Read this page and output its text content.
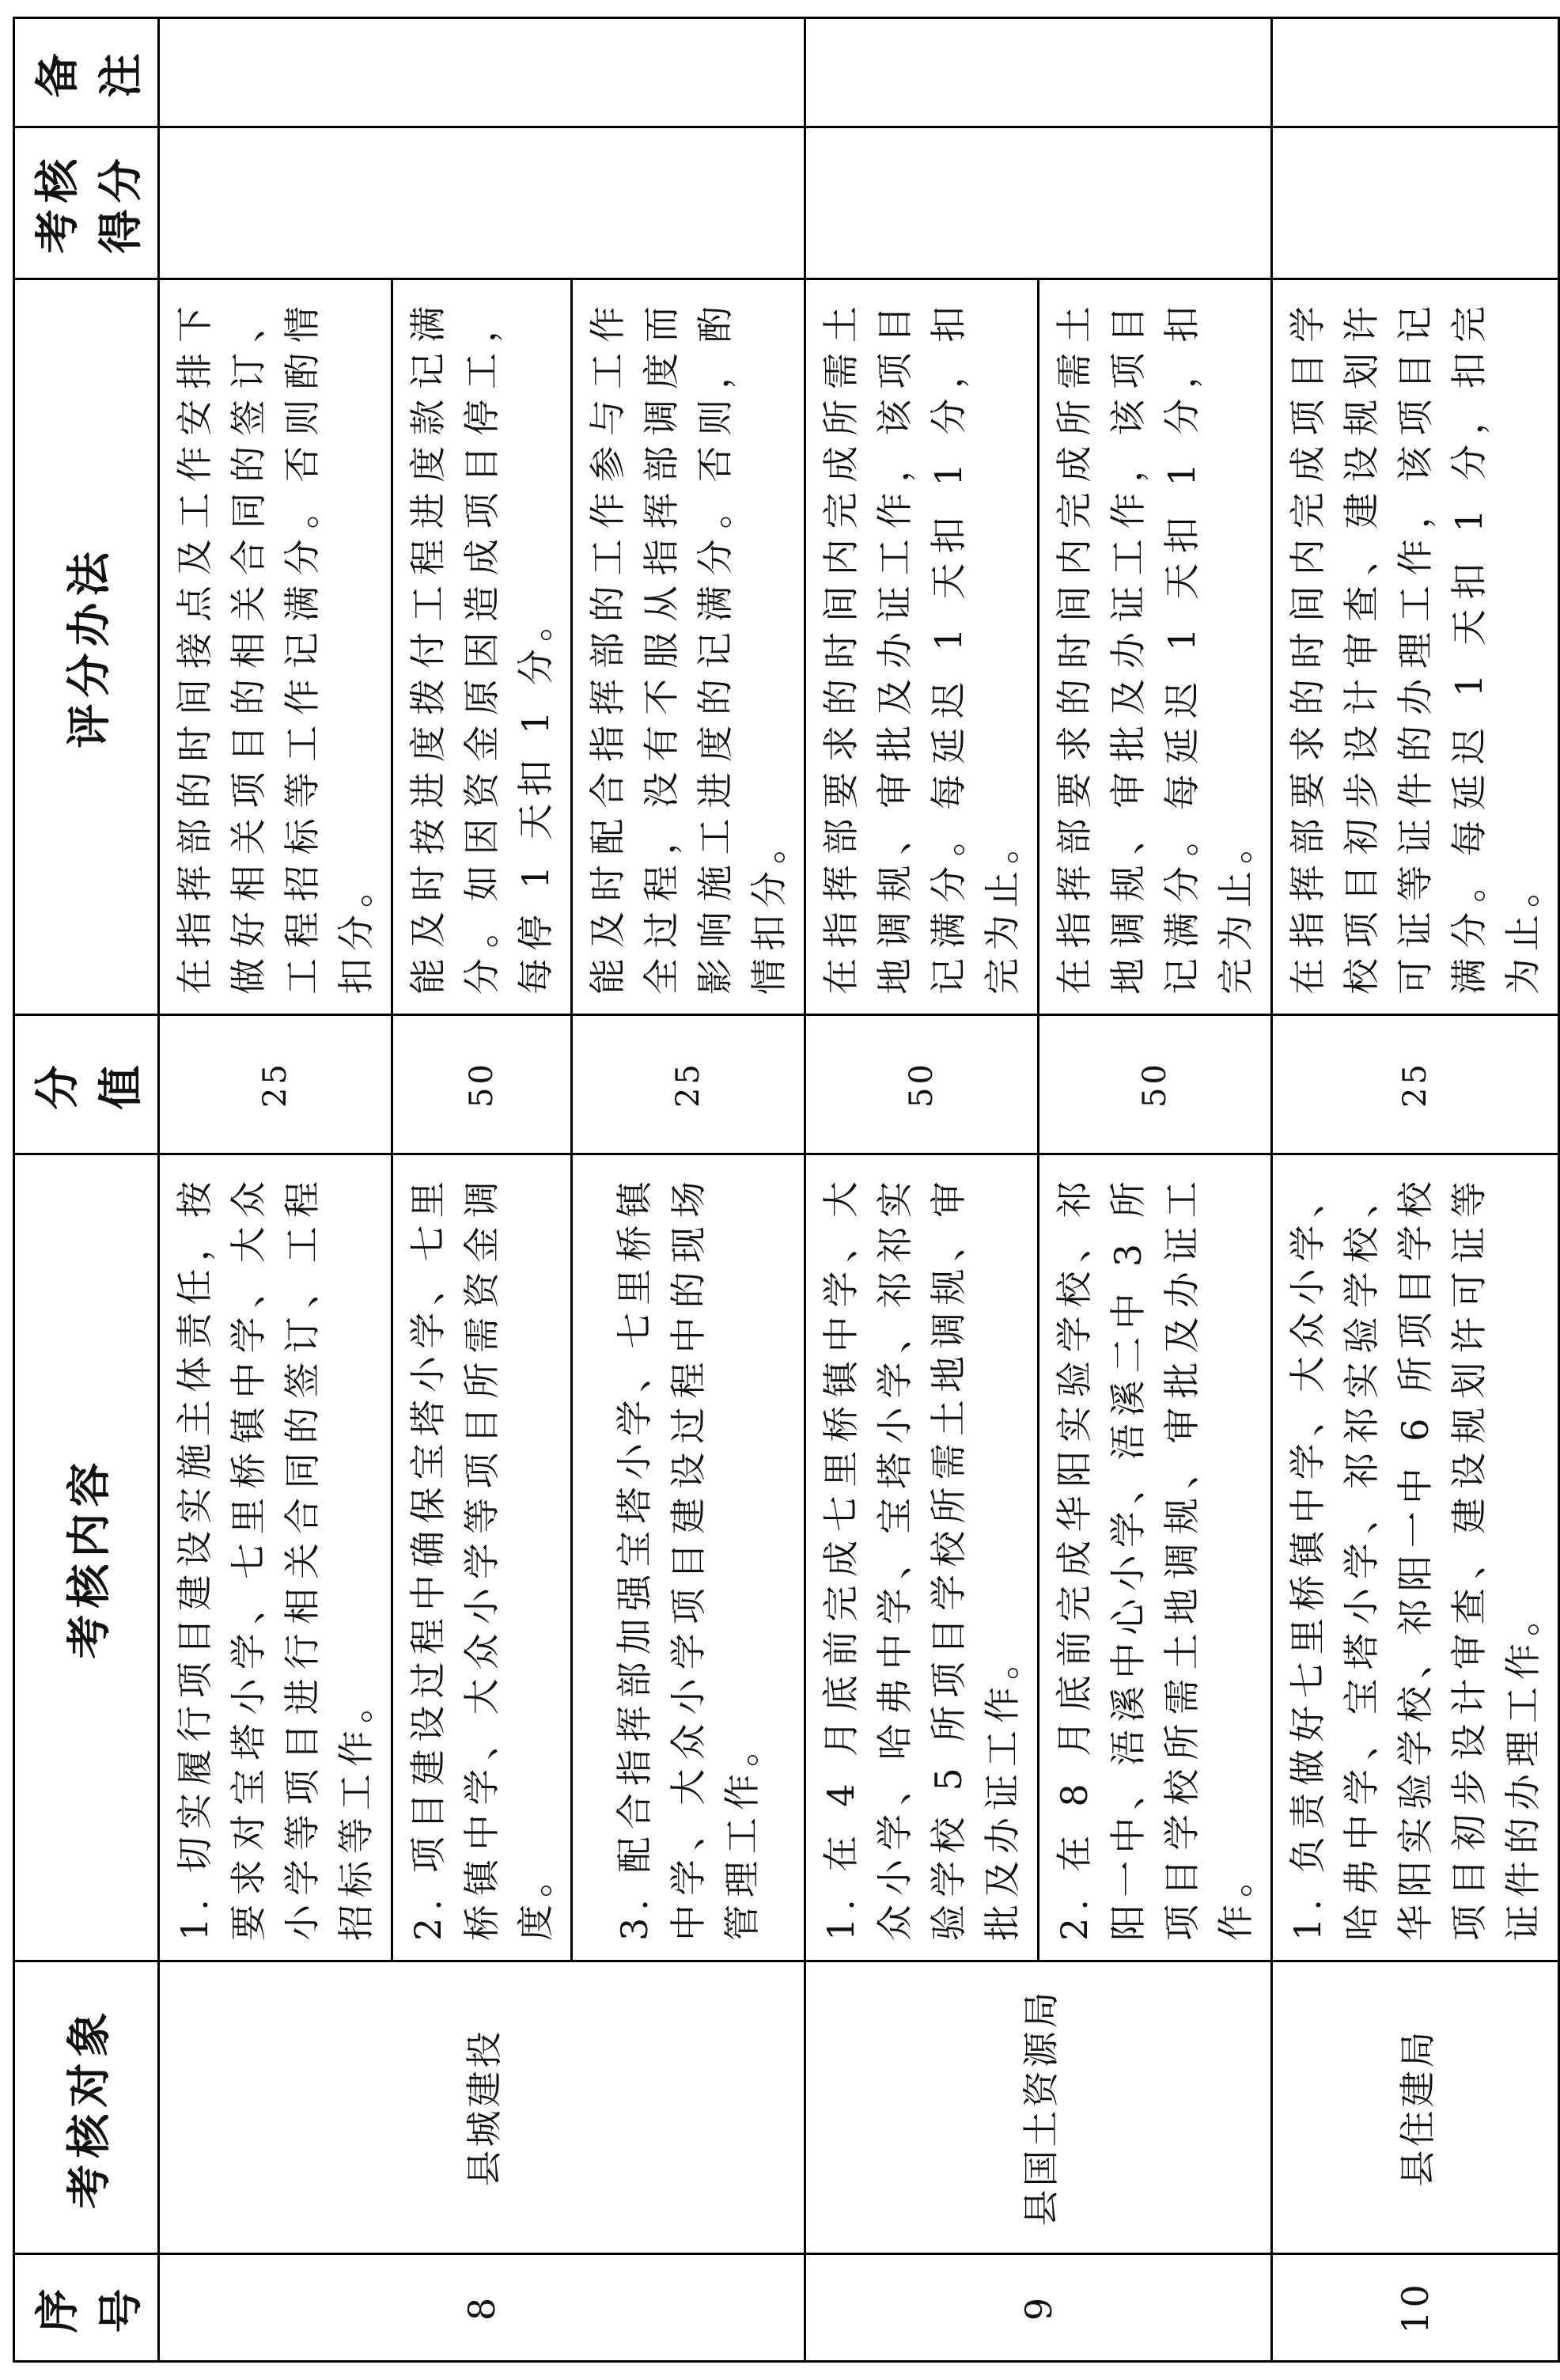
序号	考核对象	考核内容	分值	评分办法	考核得分	备注
8	县城建投	1. 切实履行项目建设实施主体责任，按要求对宝塔小学、七里桥镇中学、大众小学等项目进行相关合同的签订、工程招标等工作。	25	在指挥部的时间接点及工作安排下做好相关项目的相关合同的签订、工程招标等工作记满分。否则酌情扣分。		
		2. 项目建设过程中确保宝塔小学、七里桥镇中学、大众小学等项目所需资金调度。	50	能及时按进度拨付工程进度款记满分。如因资金原因造成项目停工，每停 1 天扣 1 分。		
		3. 配合指挥部加强宝塔小学、七里桥镇中学、大众小学项目建设过程中的现场管理工作。	25	能及时配合指挥部的工作参与工作全过程，没有不服从指挥部调度而影响施工进度的记满分。否则，酌情扣分。		
9	县国土资源局	1. 在 4 月底前完成七里桥镇中学、大众小学、哈弗中学、宝塔小学、祁祁实验学校 5 所项目学校所需土地调规、审批及办证工作。	50	在指挥部要求的时间内完成所需土地调规、审批及办证工作，该项目记满分。每延迟 1 天扣 1 分，扣完为止。		
		2. 在 8 月底前完成华阳实验学校、祁阳一中、浯溪中心小学、浯溪二中 3 所项目学校所需土地调规、审批及办证工作。	50	在指挥部要求的时间内完成所需土地调规、审批及办证工作，该项目记满分。每延迟 1 天扣 1 分，扣完为止。		
10	县住建局	1. 负责做好七里桥镇中学、大众小学、哈弗中学、宝塔小学、祁祁实验学校、华阳实验学校、祁阳一中 6 所项目学校项目初步设计审查、建设规划许可证等证件的办理工作。	25	在指挥部要求的时间内完成项目学校项目初步设计审查、建设规划许可证等证件的办理工作，该项目记满分。每延迟 1 天扣 1 分，扣完为止。		
